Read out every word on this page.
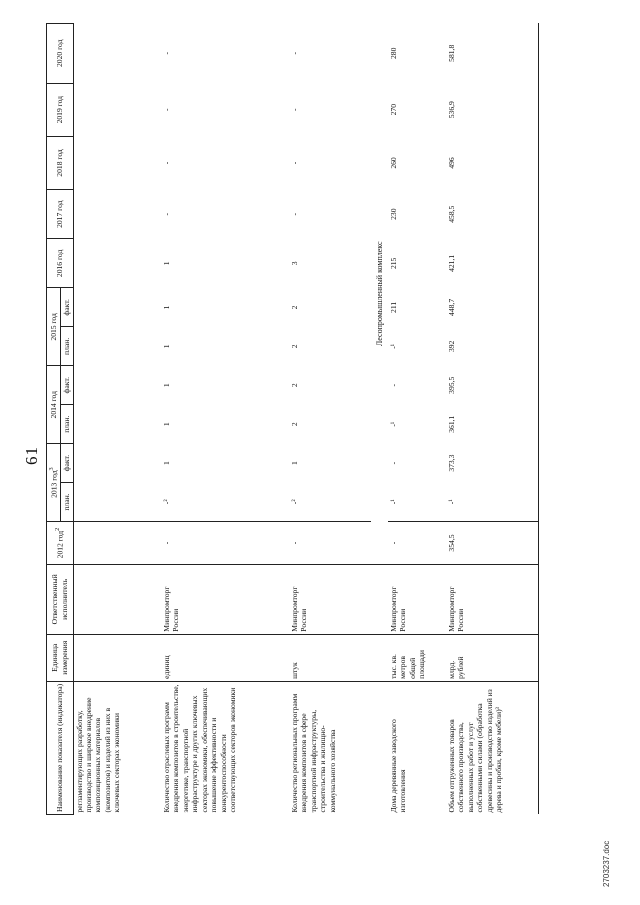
61
Наименование показателя (индикатора)	Единица измерения	Ответственный исполнитель	2012 год$^2$	2013 год$^3$		2014 год		2015 год		2016 год	2017 год	2018 год	2019 год	2020 год
				план.	факт.	план.	факт.	план.	факт.					
регламентирующих разработку, производство и широкое внедрение композиционных материалов (композитов) и изделий из них в ключевых секторах экономики														
Количество отраслевых программ внедрения композитов в строительстве, энергетике, транспортной инфраструктуре и других ключевых секторах экономики, обеспечивающих повышение эффективности и конкурентоспособности соответствующих секторов экономики	единиц	Минпромторг России	-	-²	1	1	1	1	1	1	-	-	-	-
Количество региональных программ внедрения композитов в сфере транспортной инфраструктуры, строительства и жилищно-коммунального хозяйства	штук	Минпромторг России	-	-²	1	2	2	2	2	3	-	-	-	-
			Лесопромышленный комплекс											
Дома деревянные заводского изготовления	тыс. кв. метров общей площади	Минпромторг России	-	-¹	-	-¹	-	-¹	211	215	230	260	270	280
Объем отгруженных товаров собственного производства, выполненных работ и услуг собственными силами (обработка древесины и производство изделий из дерева и пробки, кроме мебели)³	млрд. рублей	Минпромторг России	354,5	-¹	373,3	361,1	395,5	392	448,7	421,1	458,5	496	536,9	581,8
2703237.doc
